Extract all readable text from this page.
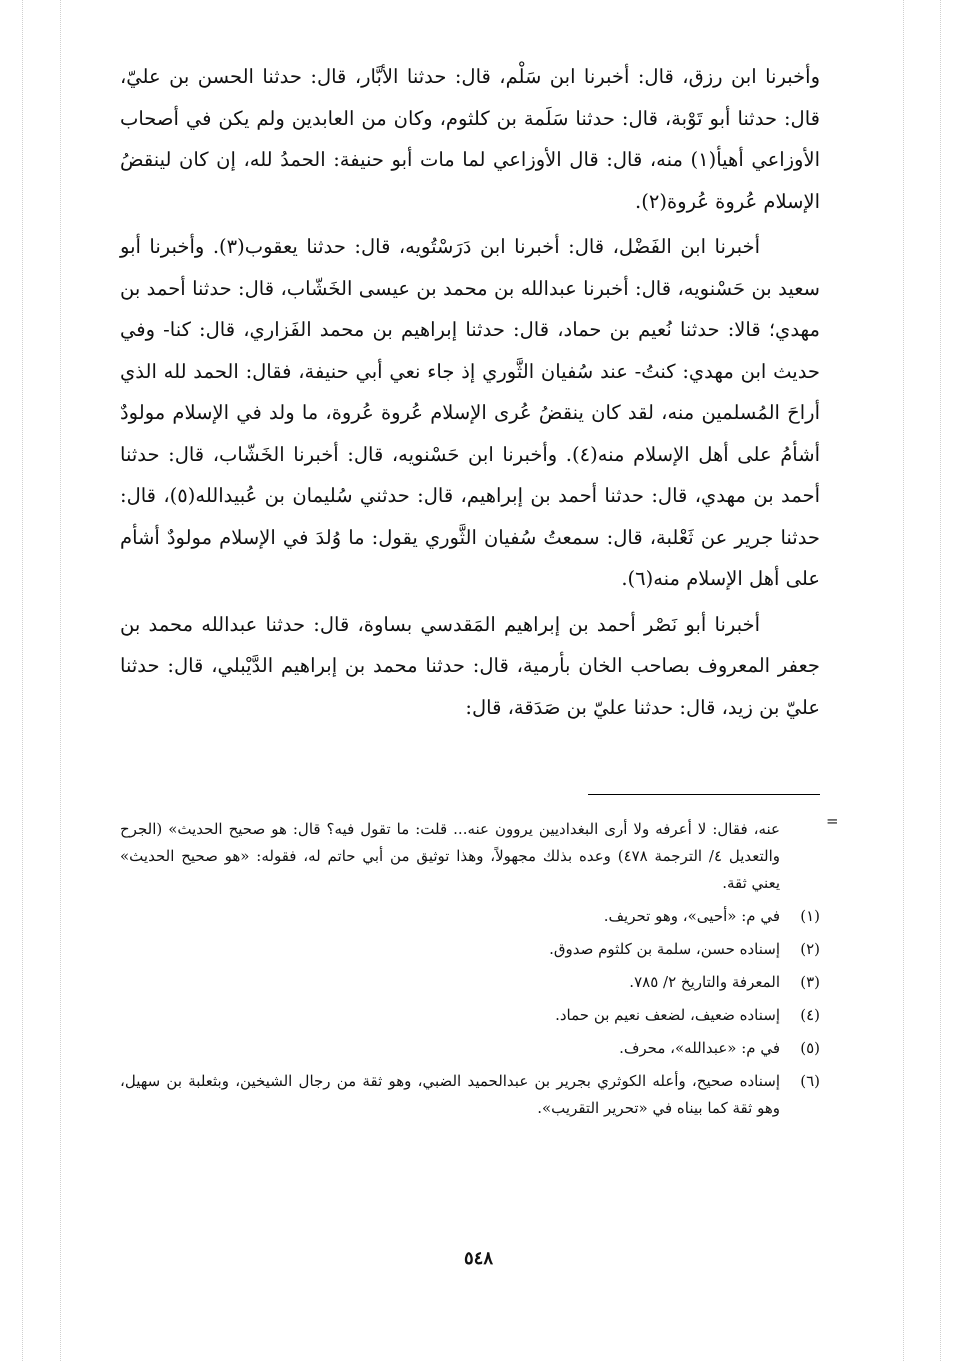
وأخبرنا ابن رزق، قال: أخبرنا ابن سَلْم، قال: حدثنا الأبَّار، قال: حدثنا الحسن بن عليّ، قال: حدثنا أبو تَوْبة، قال: حدثنا سَلَمة بن كلثوم، وكان من العابدين ولم يكن في أصحاب الأوزاعي أهيأ(١) منه، قال: قال الأوزاعي لما مات أبو حنيفة: الحمدُ لله، إن كان لينقضُ الإسلام عُروة عُروة(٢).

أخبرنا ابن الفَضْل، قال: أخبرنا ابن دَرَسْتُويه، قال: حدثنا يعقوب(٣). وأخبرنا أبو سعيد بن حَسْنويه، قال: أخبرنا عبدالله بن محمد بن عيسى الخَشّاب، قال: حدثنا أحمد بن مهدي؛ قالا: حدثنا نُعيم بن حماد، قال: حدثنا إبراهيم بن محمد الفَزاري، قال: كنا- وفي حديث ابن مهدي: كنتُ- عند سُفيان الثَّوري إذ جاء نعي أبي حنيفة، فقال: الحمد لله الذي أراحَ المُسلمين منه، لقد كان ينقضُ عُرى الإسلام عُروة عُروة، ما ولد في الإسلام مولودٌ أشأمُ على أهل الإسلام منه(٤). وأخبرنا ابن حَسْنويه، قال: أخبرنا الخَشّاب، قال: حدثنا أحمد بن مهدي، قال: حدثنا أحمد بن إبراهيم، قال: حدثني سُليمان بن عُبيدالله(٥)، قال: حدثنا جرير عن ثَعْلبة، قال: سمعتُ سُفيان الثَّوري يقول: ما وُلدَ في الإسلام مولودٌ أشأم على أهل الإسلام منه(٦).

أخبرنا أبو نَصْر أحمد بن إبراهيم المَقدسي بساوة، قال: حدثنا عبدالله محمد بن جعفر المعروف بصاحب الخان بأرمية، قال: حدثنا محمد بن إبراهيم الدَّيْبلي، قال: حدثنا عليّ بن زيد، قال: حدثنا عليّ بن صَدَقة، قال:

=
عنه، فقال: لا أعرفه ولا أرى البغداديين يروون عنه... قلت: ما تقول فيه؟ قال: هو صحيح الحديث» (الجرح والتعديل ٤/ الترجمة ٤٧٨) وعده بذلك مجهولاً، وهذا توثيق من أبي حاتم له، فقوله: «هو صحيح الحديث» يعني ثقة.
(١)
في م: «أحيى»، وهو تحريف.
(٢)
إسناده حسن، سلمة بن كلثوم صدوق.
(٣)
المعرفة والتاريخ ٢/ ٧٨٥.
(٤)
إسناده ضعيف، لضعف نعيم بن حماد.
(٥)
في م: «عبدالله»، محرف.
(٦)
إسناده صحيح، وأعله الكوثري بجرير بن عبدالحميد الضبي، وهو ثقة من رجال الشيخين، وبثعلبة بن سهيل، وهو ثقة كما بيناه في «تحرير التقريب».
٥٤٨
